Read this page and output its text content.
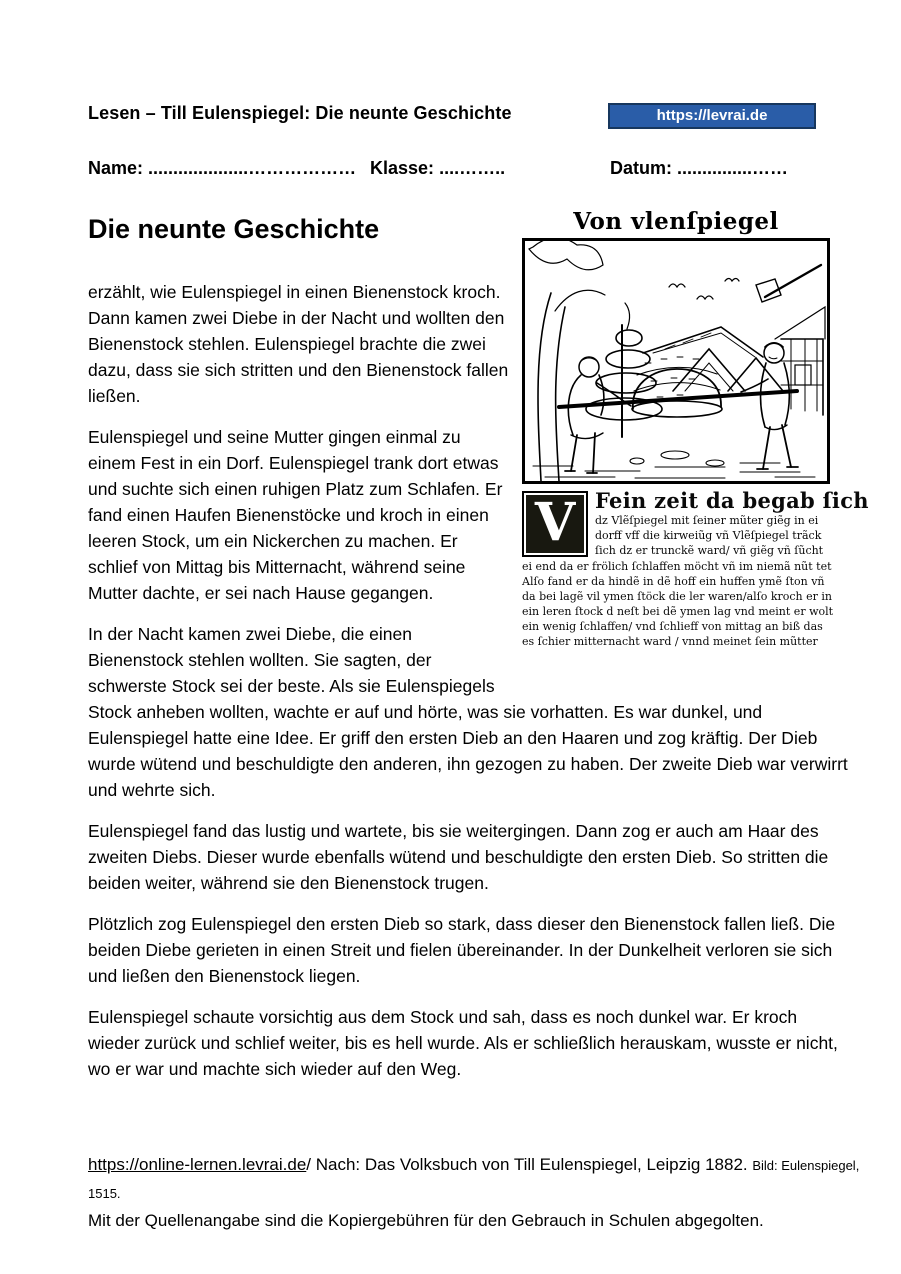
Lesen – Till Eulenspiegel: Die neunte Geschichte	https://levrai.de
Name: ....................……………… Klasse: ....……..	Datum: ...............……
Von vlenſpiegel
V Fein zeit da begab ſich
dz Vlẽſpiegel mit ſeiner mũter giẽg in ei
dorff vff die kirweiũg vñ Vlẽſpiegel trãck
ſich dz er trunckẽ ward/ vñ giẽg vñ ſũcht
ei end da er frölich ſchlaffen möcht vñ im niemã nũt tet
Alſo fand er da hindẽ in dẽ hoff ein huffen ymẽ ſton vñ
da bei lagẽ vil ymen ſtöck die ler waren/alſo kroch er in
ein leren ſtock d neſt bei dẽ ymen lag vnd meint er wolt
ein wenig ſchlaffen/ vnd ſchlieff von mittag an biß das
es ſchier mitternacht ward / vnnd meinet ſein mũtter
Die neunte Geschichte

erzählt, wie Eulenspiegel in einen Bienenstock kroch. Dann kamen zwei Diebe in der Nacht und wollten den Bienenstock stehlen. Eulenspiegel brachte die zwei dazu, dass sie sich stritten und den Bienenstock fallen ließen.

Eulenspiegel und seine Mutter gingen einmal zu einem Fest in ein Dorf. Eulenspiegel trank dort etwas und suchte sich einen ruhigen Platz zum Schlafen. Er fand einen Haufen Bienenstöcke und kroch in einen leeren Stock, um ein Nickerchen zu machen. Er schlief von Mittag bis Mitternacht, während seine Mutter dachte, er sei nach Hause gegangen.

In der Nacht kamen zwei Diebe, die einen Bienenstock stehlen wollten. Sie sagten, der schwerste Stock sei der beste. Als sie Eulenspiegels Stock anheben wollten, wachte er auf und hörte, was sie vorhatten. Es war dunkel, und Eulenspiegel hatte eine Idee. Er griff den ersten Dieb an den Haaren und zog kräftig. Der Dieb wurde wütend und beschuldigte den anderen, ihn gezogen zu haben. Der zweite Dieb war verwirrt und wehrte sich.

Eulenspiegel fand das lustig und wartete, bis sie weitergingen. Dann zog er auch am Haar des zweiten Diebs. Dieser wurde ebenfalls wütend und beschuldigte den ersten Dieb. So stritten die beiden weiter, während sie den Bienenstock trugen.

Plötzlich zog Eulenspiegel den ersten Dieb so stark, dass dieser den Bienenstock fallen ließ. Die beiden Diebe gerieten in einen Streit und fielen übereinander. In der Dunkelheit verloren sie sich und ließen den Bienenstock liegen.

Eulenspiegel schaute vorsichtig aus dem Stock und sah, dass es noch dunkel war. Er kroch wieder zurück und schlief weiter, bis es hell wurde. Als er schließlich herauskam, wusste er nicht, wo er war und machte sich wieder auf den Weg.

https://online-lernen.levrai.de/ Nach: Das Volksbuch von Till Eulenspiegel, Leipzig 1882. Bild: Eulenspiegel, 1515.
Mit der Quellenangabe sind die Kopiergebühren für den Gebrauch in Schulen abgegolten.
